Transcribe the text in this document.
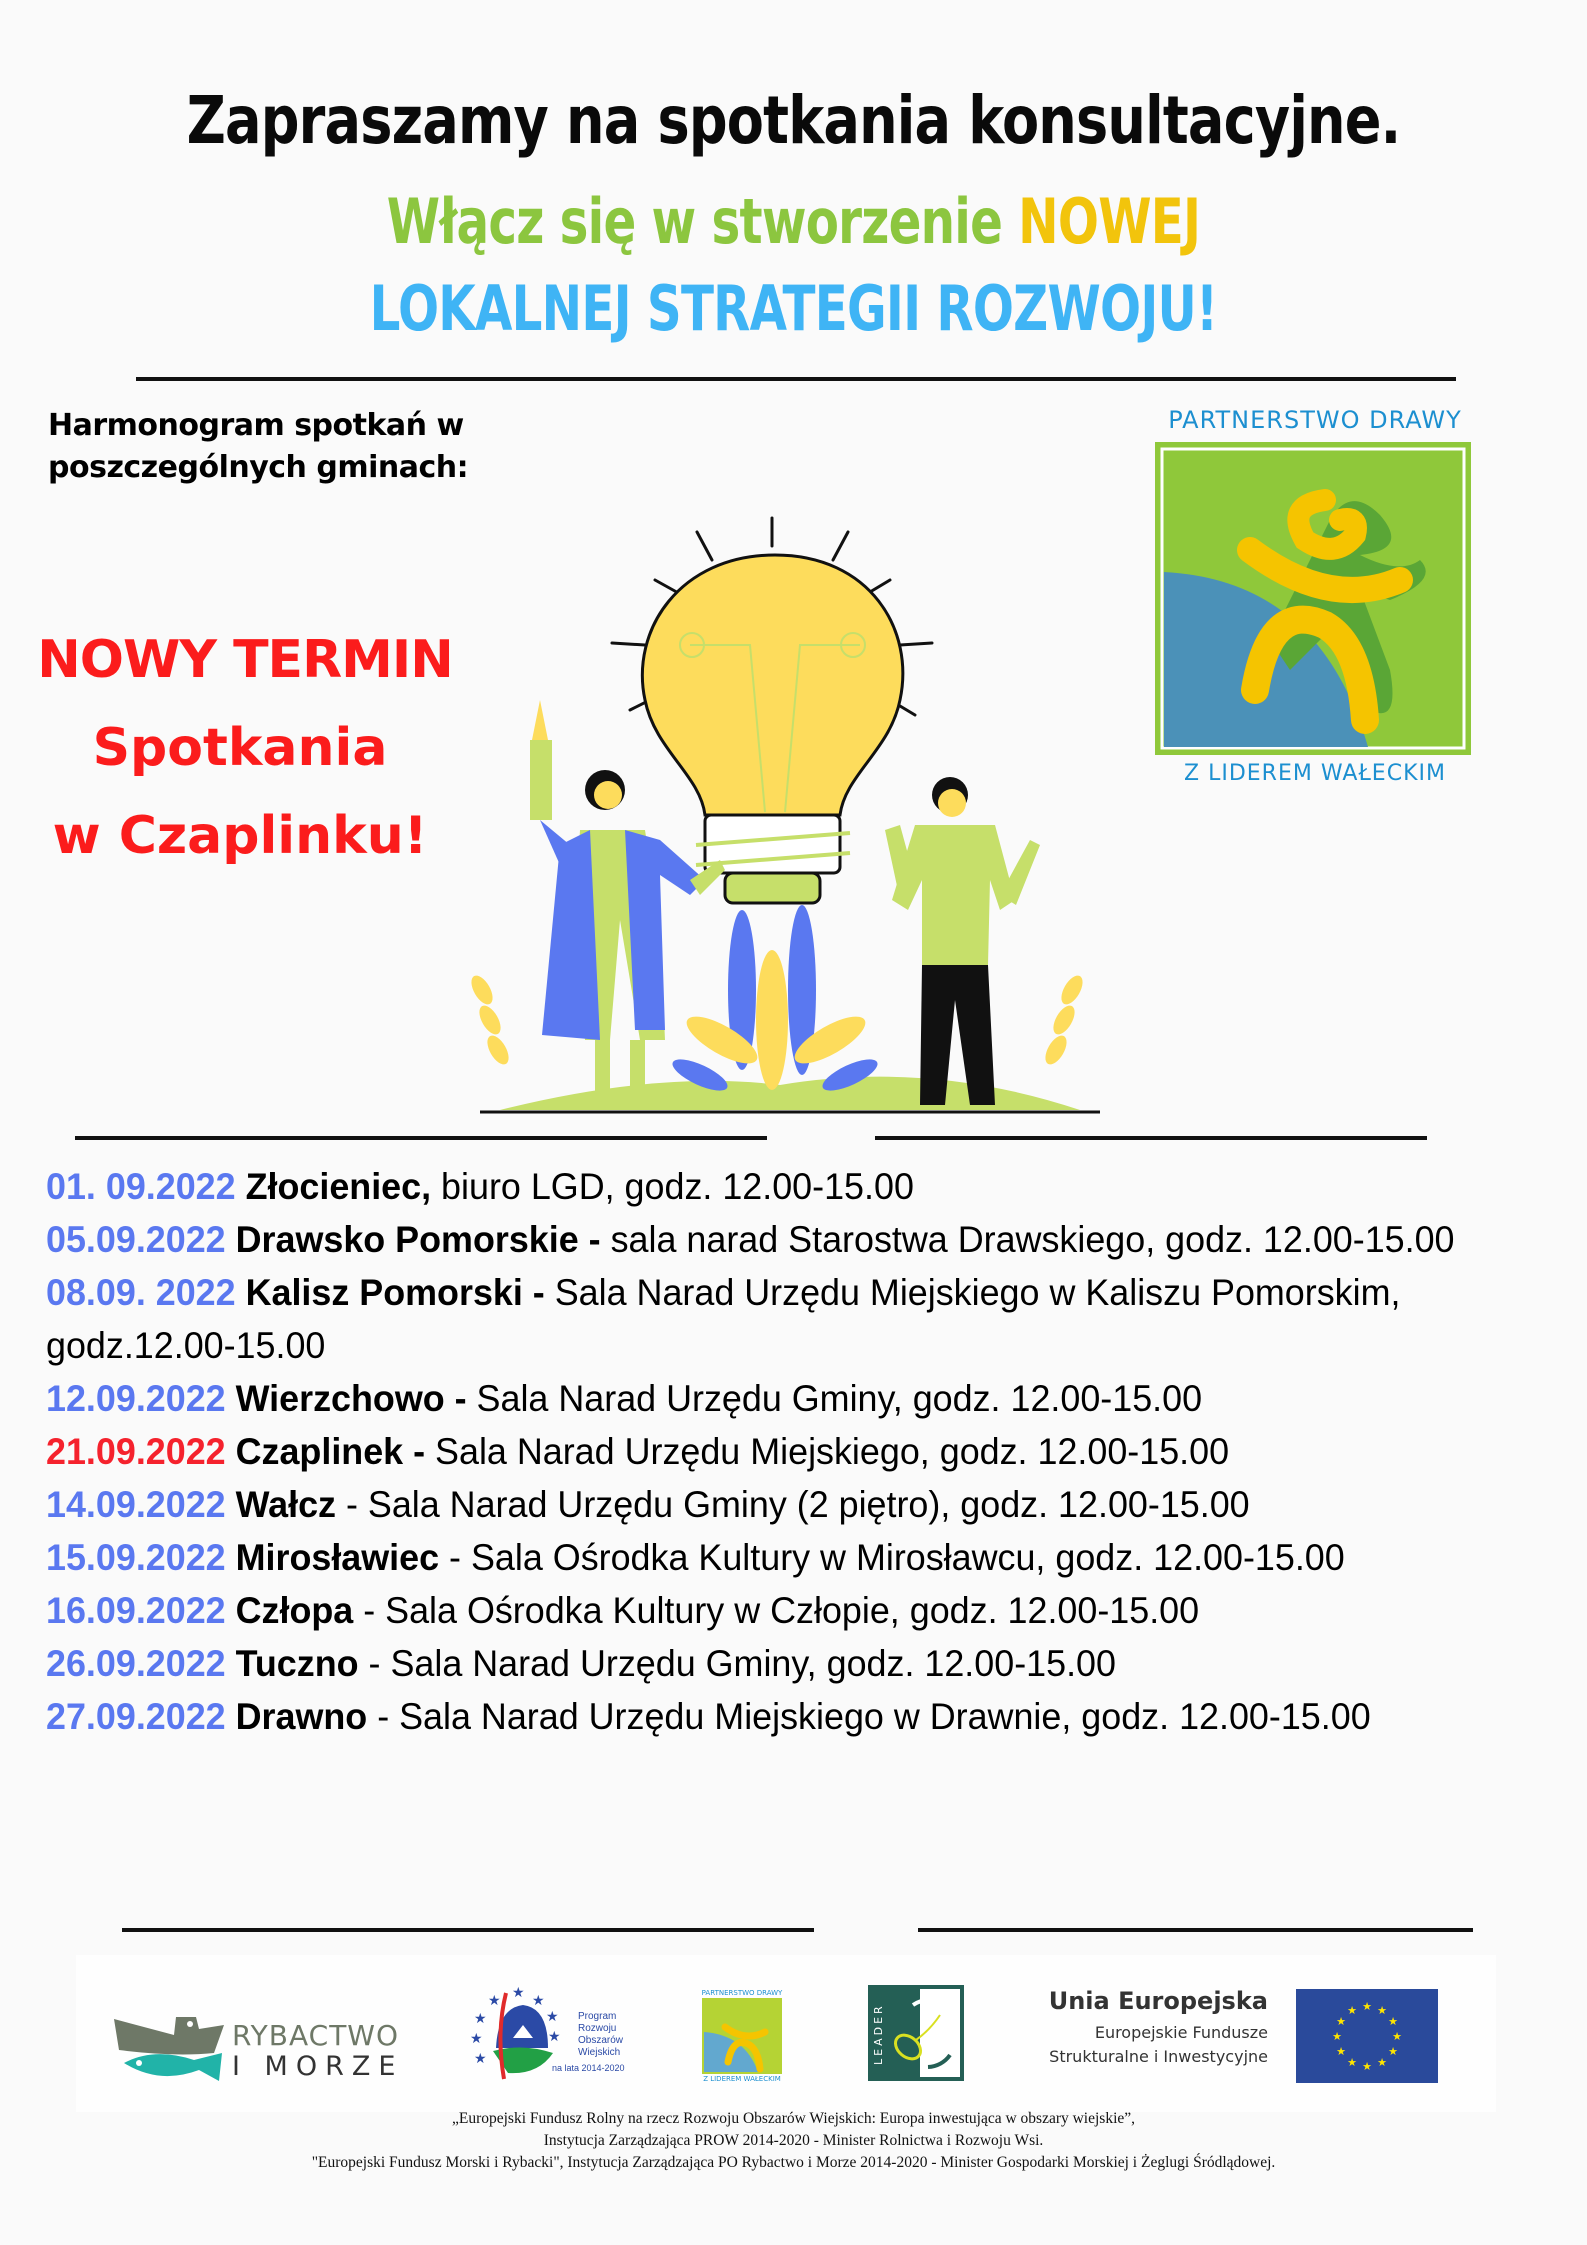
Zapraszamy na spotkania konsultacyjne.
Włącz się w stworzenie NOWEJ
LOKALNEJ STRATEGII ROZWOJU!
Harmonogram spotkań w
poszczególnych gminach:
NOWY TERMIN
Spotkania
w Czaplinku!
PARTNERSTWO DRAWY
Z LIDEREM WAŁECKIM
01. 09.2022 Złocieniec, biuro LGD, godz. 12.00-15.00
05.09.2022 Drawsko Pomorskie - sala narad Starostwa Drawskiego, godz. 12.00-15.00
08.09. 2022 Kalisz Pomorski - Sala Narad Urzędu Miejskiego w Kaliszu Pomorskim, godz.12.00-15.00
12.09.2022 Wierzchowo - Sala Narad Urzędu Gminy, godz. 12.00-15.00
21.09.2022 Czaplinek - Sala Narad Urzędu Miejskiego, godz. 12.00-15.00
14.09.2022 Wałcz - Sala Narad Urzędu Gminy (2 piętro), godz. 12.00-15.00
15.09.2022 Mirosławiec - Sala Ośrodka Kultury w Mirosławcu, godz. 12.00-15.00
16.09.2022 Człopa - Sala Ośrodka Kultury w Człopie, godz. 12.00-15.00
26.09.2022 Tuczno - Sala Narad Urzędu Gminy, godz. 12.00-15.00
27.09.2022 Drawno - Sala Narad Urzędu Miejskiego w Drawnie, godz. 12.00-15.00
RYBACTWO
I MORZE
★ ★ ★
★
★
★
★
★
Program
Rozwoju
Obszarów
Wiejskich
na lata 2014-2020
PARTNERSTWO DRAWY
Z LIDEREM WAŁECKIM
LEADER
Unia Europejska
Europejskie Fundusze
Strukturalne i Inwestycyjne
★ ★
★
★
★
★
★
★
★
★
★
★
„Europejski Fundusz Rolny na rzecz Rozwoju Obszarów Wiejskich: Europa inwestująca w obszary wiejskie”,
Instytucja Zarządzająca PROW 2014-2020 - Minister Rolnictwa i Rozwoju Wsi.
"Europejski Fundusz Morski i Rybacki", Instytucja Zarządzająca PO Rybactwo i Morze 2014-2020 - Minister Gospodarki Morskiej i Żeglugi Śródlądowej.
